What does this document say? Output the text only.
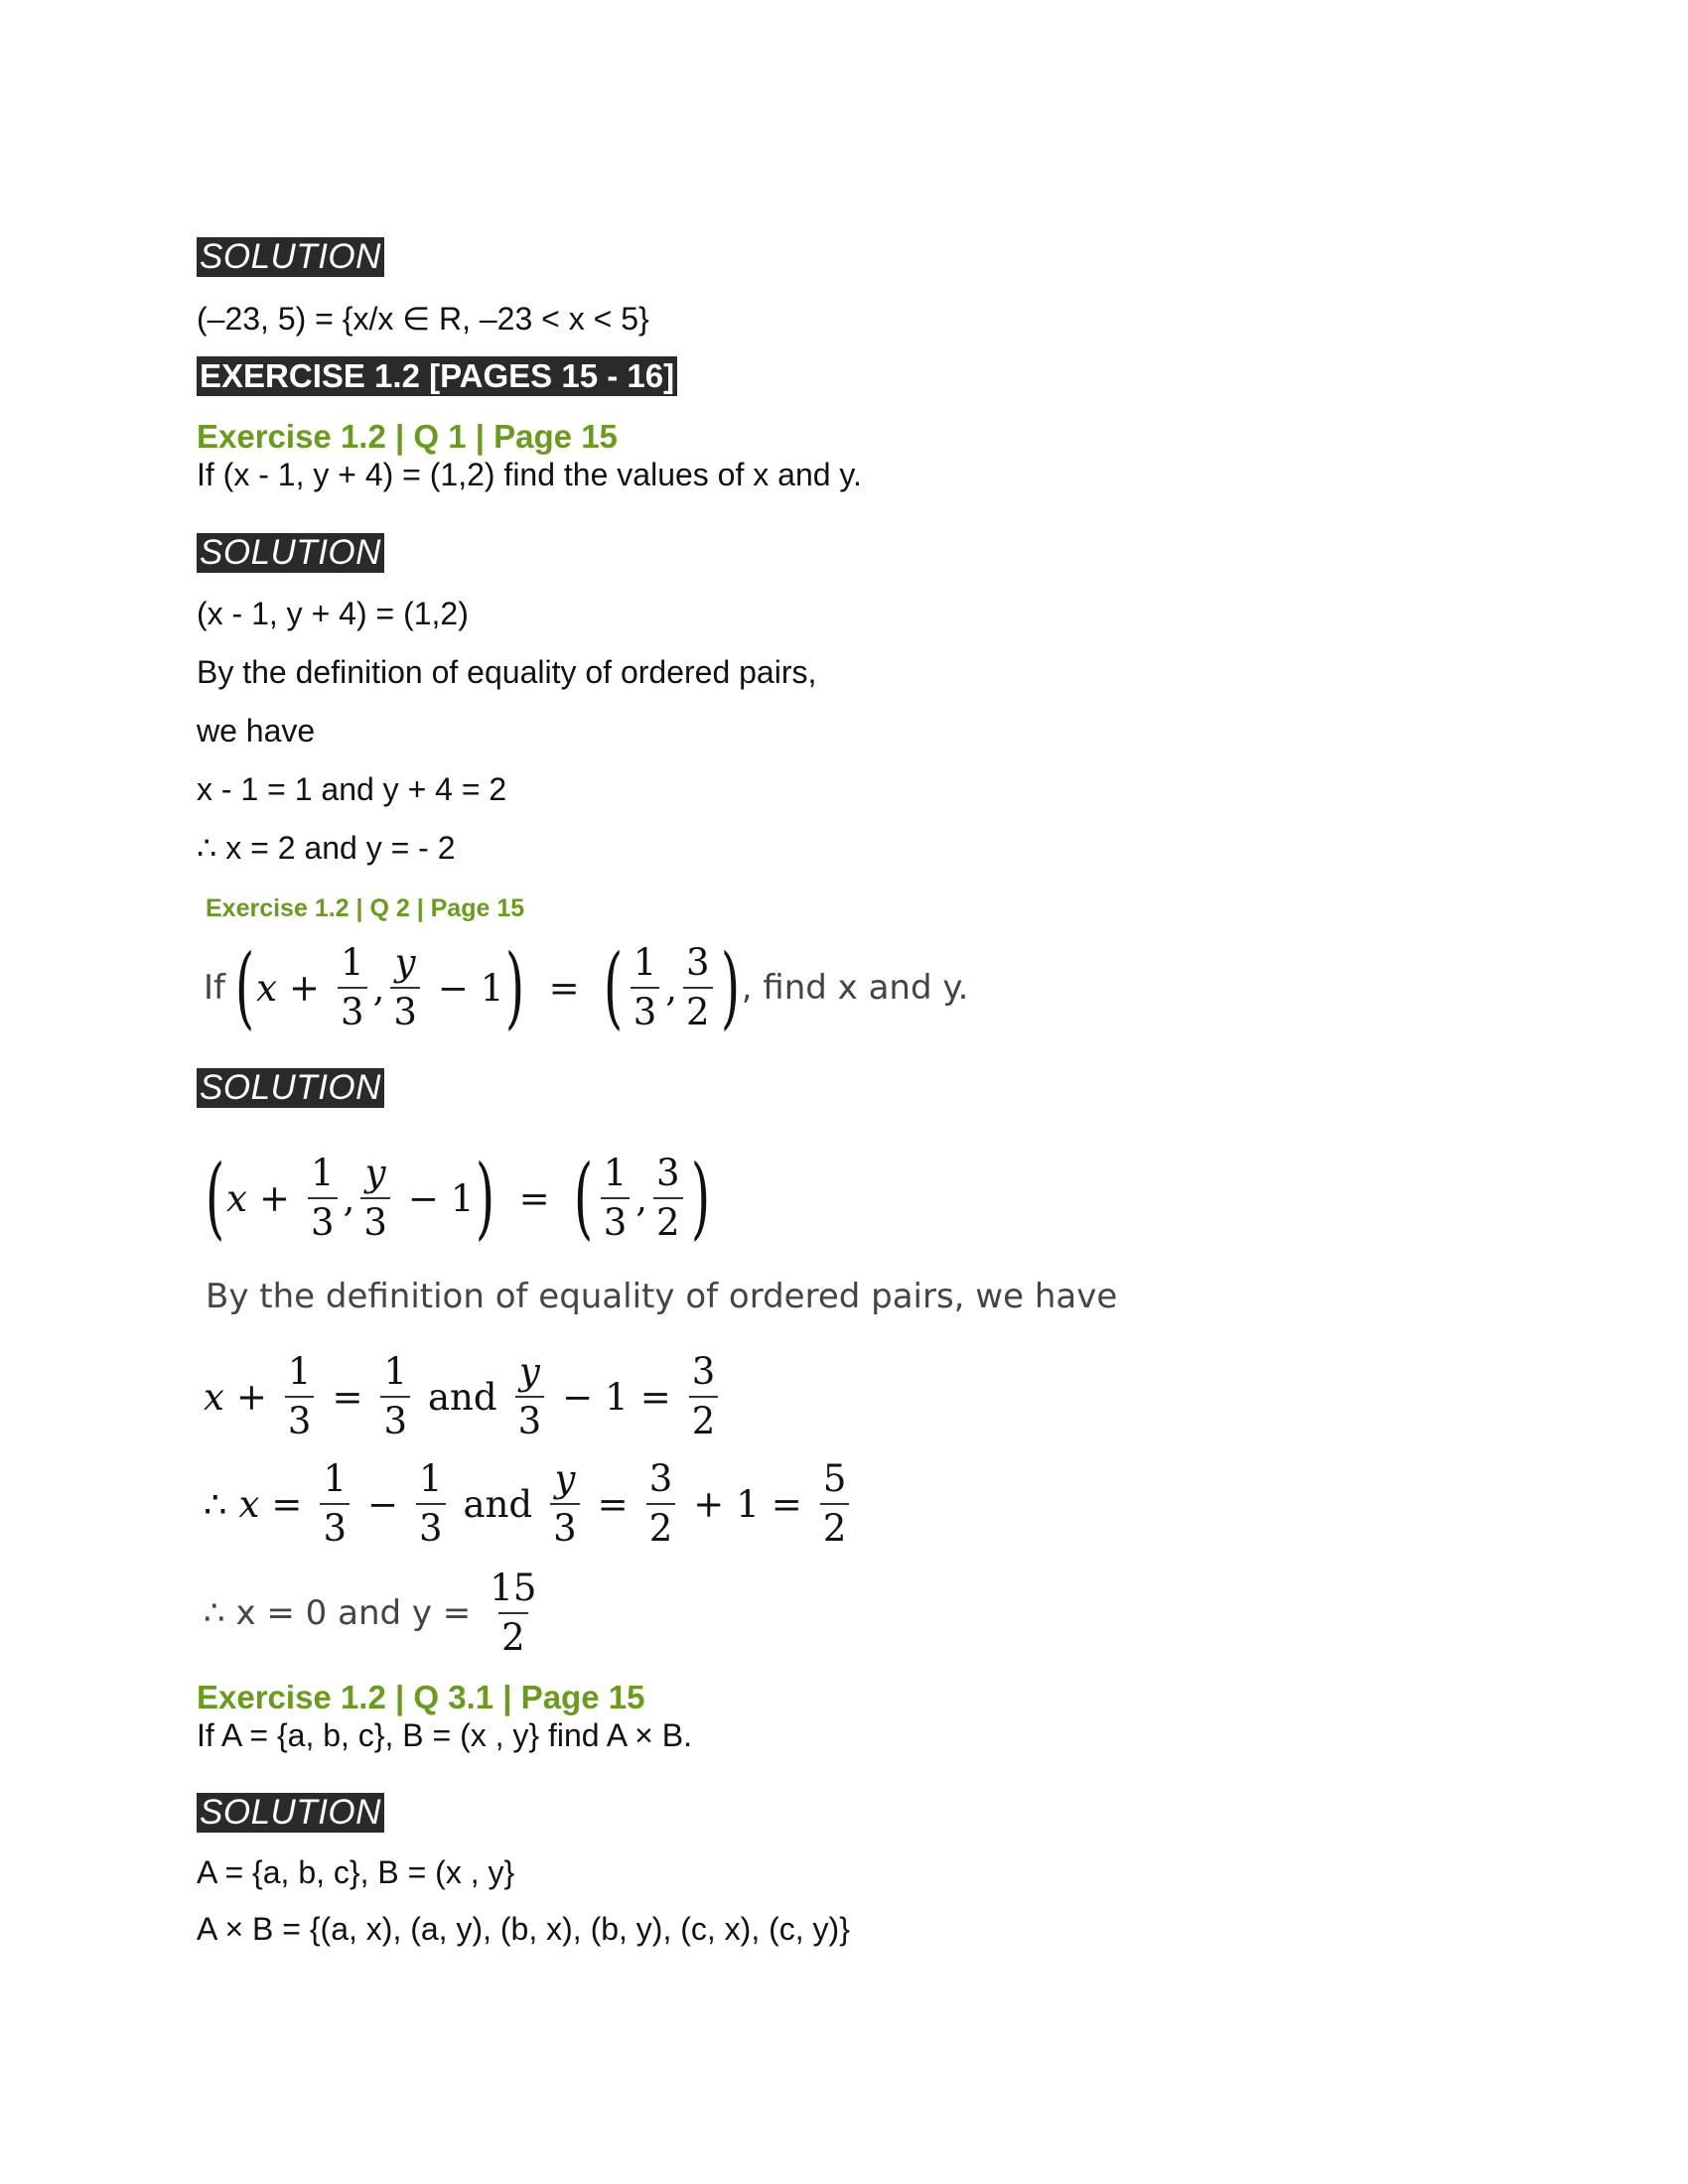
SOLUTION
(–23, 5) = {x/x ∈ R, –23 < x < 5}
EXERCISE 1.2 [PAGES 15 - 16]
Exercise 1.2 | Q 1 | Page 15
If (x - 1, y + 4) = (1,2) find the values of x and y.
SOLUTION
(x - 1, y + 4) = (1,2)
By the definition of equality of ordered pairs,
we have
x - 1 = 1 and y + 4 = 2
∴ x = 2 and y = - 2
Exercise 1.2 | Q 2 | Page 15
If ( $x + \frac{1}{3}$ , $\frac{y}{3} - 1$ ) = ( $\frac{1}{3}$ , $\frac{3}{2}$ ) , find x and y.
SOLUTION
( $x + \frac{1}{3}$ , $\frac{y}{3} - 1$ ) = ( $\frac{1}{3}$ , $\frac{3}{2}$ )
By the definition of equality of ordered pairs, we have
$x + \frac{1}{3} = \frac{1}{3}$ and $\frac{y}{3} - 1 = \frac{3}{2}$
∴ $x = \frac{1}{3} - \frac{1}{3}$ and $\frac{y}{3} = \frac{3}{2} + 1 = \frac{5}{2}$
∴ x = 0 and $y = \frac{15}{2}$
Exercise 1.2 | Q 3.1 | Page 15
If A = {a, b, c}, B = (x , y} find A × B.
SOLUTION
A = {a, b, c}, B = (x , y}
A × B = {(a, x), (a, y), (b, x), (b, y), (c, x), (c, y)}
